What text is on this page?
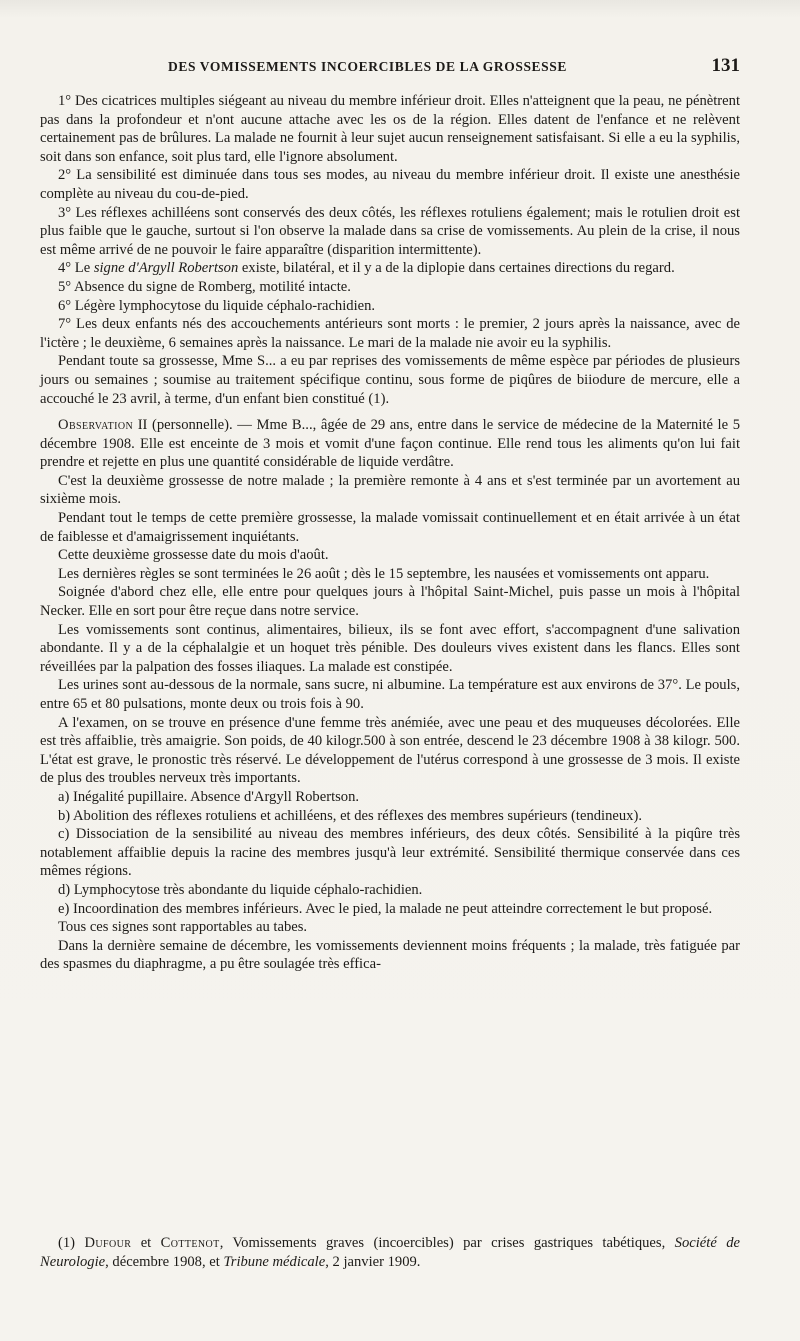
DES VOMISSEMENTS INCOERCIBLES DE LA GROSSESSE	131

1° Des cicatrices multiples siégeant au niveau du membre inférieur droit. Elles n'atteignent que la peau, ne pénètrent pas dans la profondeur et n'ont aucune attache avec les os de la région. Elles datent de l'enfance et ne relèvent certainement pas de brûlures. La malade ne fournit à leur sujet aucun renseignement satisfaisant. Si elle a eu la syphilis, soit dans son enfance, soit plus tard, elle l'ignore absolument.

2° La sensibilité est diminuée dans tous ses modes, au niveau du membre inférieur droit. Il existe une anesthésie complète au niveau du cou-de-pied.

3° Les réflexes achilléens sont conservés des deux côtés, les réflexes rotuliens également; mais le rotulien droit est plus faible que le gauche, surtout si l'on observe la malade dans sa crise de vomissements. Au plein de la crise, il nous est même arrivé de ne pouvoir le faire apparaître (disparition intermittente).

4° Le signe d'Argyll Robertson existe, bilatéral, et il y a de la diplopie dans certaines directions du regard.

5° Absence du signe de Romberg, motilité intacte.

6° Légère lymphocytose du liquide céphalo-rachidien.

7° Les deux enfants nés des accouchements antérieurs sont morts : le premier, 2 jours après la naissance, avec de l'ictère ; le deuxième, 6 semaines après la naissance. Le mari de la malade nie avoir eu la syphilis.

Pendant toute sa grossesse, Mme S... a eu par reprises des vomissements de même espèce par périodes de plusieurs jours ou semaines ; soumise au traitement spécifique continu, sous forme de piqûres de biiodure de mercure, elle a accouché le 23 avril, à terme, d'un enfant bien constitué (1).

Observation II (personnelle). — Mme B..., âgée de 29 ans, entre dans le service de médecine de la Maternité le 5 décembre 1908. Elle est enceinte de 3 mois et vomit d'une façon continue. Elle rend tous les aliments qu'on lui fait prendre et rejette en plus une quantité considérable de liquide verdâtre.

C'est la deuxième grossesse de notre malade ; la première remonte à 4 ans et s'est terminée par un avortement au sixième mois.

Pendant tout le temps de cette première grossesse, la malade vomissait continuellement et en était arrivée à un état de faiblesse et d'amaigrissement inquiétants.

Cette deuxième grossesse date du mois d'août.

Les dernières règles se sont terminées le 26 août ; dès le 15 septembre, les nausées et vomissements ont apparu.

Soignée d'abord chez elle, elle entre pour quelques jours à l'hôpital Saint-Michel, puis passe un mois à l'hôpital Necker. Elle en sort pour être reçue dans notre service.

Les vomissements sont continus, alimentaires, bilieux, ils se font avec effort, s'accompagnent d'une salivation abondante. Il y a de la céphalalgie et un hoquet très pénible. Des douleurs vives existent dans les flancs. Elles sont réveillées par la palpation des fosses iliaques. La malade est constipée.

Les urines sont au-dessous de la normale, sans sucre, ni albumine. La température est aux environs de 37°. Le pouls, entre 65 et 80 pulsations, monte deux ou trois fois à 90.

A l'examen, on se trouve en présence d'une femme très anémiée, avec une peau et des muqueuses décolorées. Elle est très affaiblie, très amaigrie. Son poids, de 40 kilogr.500 à son entrée, descend le 23 décembre 1908 à 38 kilogr. 500. L'état est grave, le pronostic très réservé. Le développement de l'utérus correspond à une grossesse de 3 mois. Il existe de plus des troubles nerveux très importants.

a) Inégalité pupillaire. Absence d'Argyll Robertson.

b) Abolition des réflexes rotuliens et achilléens, et des réflexes des membres supérieurs (tendineux).

c) Dissociation de la sensibilité au niveau des membres inférieurs, des deux côtés. Sensibilité à la piqûre très notablement affaiblie depuis la racine des membres jusqu'à leur extrémité. Sensibilité thermique conservée dans ces mêmes régions.

d) Lymphocytose très abondante du liquide céphalo-rachidien.

e) Incoordination des membres inférieurs. Avec le pied, la malade ne peut atteindre correctement le but proposé.

Tous ces signes sont rapportables au tabes.

Dans la dernière semaine de décembre, les vomissements deviennent moins fréquents ; la malade, très fatiguée par des spasmes du diaphragme, a pu être soulagée très effica-

(1) Dufour et Cottenot, Vomissements graves (incoercibles) par crises gastriques tabétiques, Société de Neurologie, décembre 1908, et Tribune médicale, 2 janvier 1909.
